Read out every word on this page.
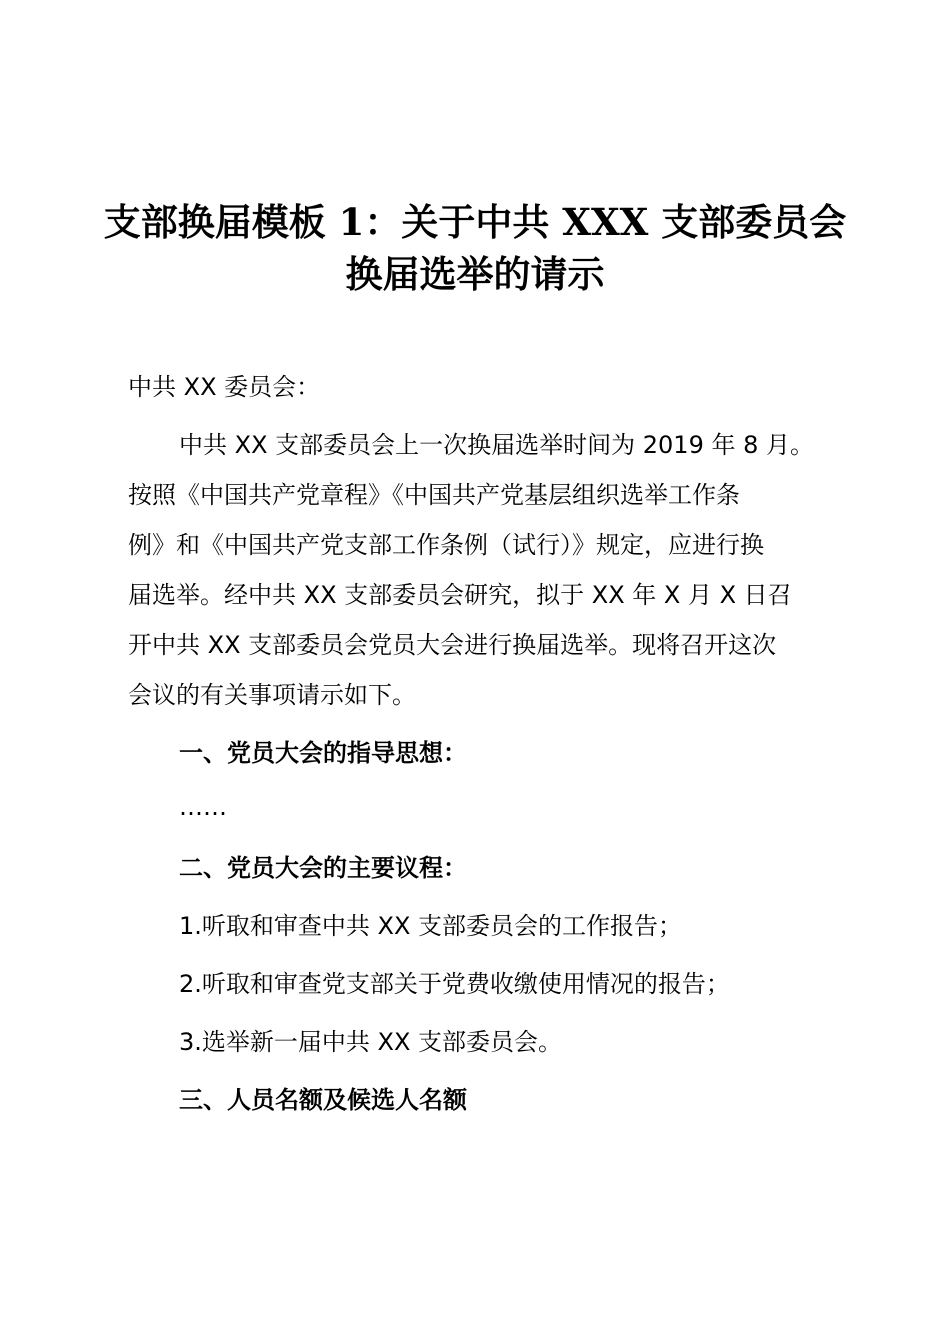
支部换届模板 1：关于中共 XXX 支部委员会
换届选举的请示
中共 XX 委员会：
中共 XX 支部委员会上一次换届选举时间为 2019 年 8 月。
按照《中国共产党章程》《中国共产党基层组织选举工作条
例》和《中国共产党支部工作条例（试行）》规定，应进行换
届选举。经中共 XX 支部委员会研究，拟于 XX 年 X 月 X 日召
开中共 XX 支部委员会党员大会进行换届选举。现将召开这次
会议的有关事项请示如下。
一、党员大会的指导思想：
……
二、党员大会的主要议程：
1.听取和审查中共 XX 支部委员会的工作报告；
2.听取和审查党支部关于党费收缴使用情况的报告；
3.选举新一届中共 XX 支部委员会。
三、人员名额及候选人名额
